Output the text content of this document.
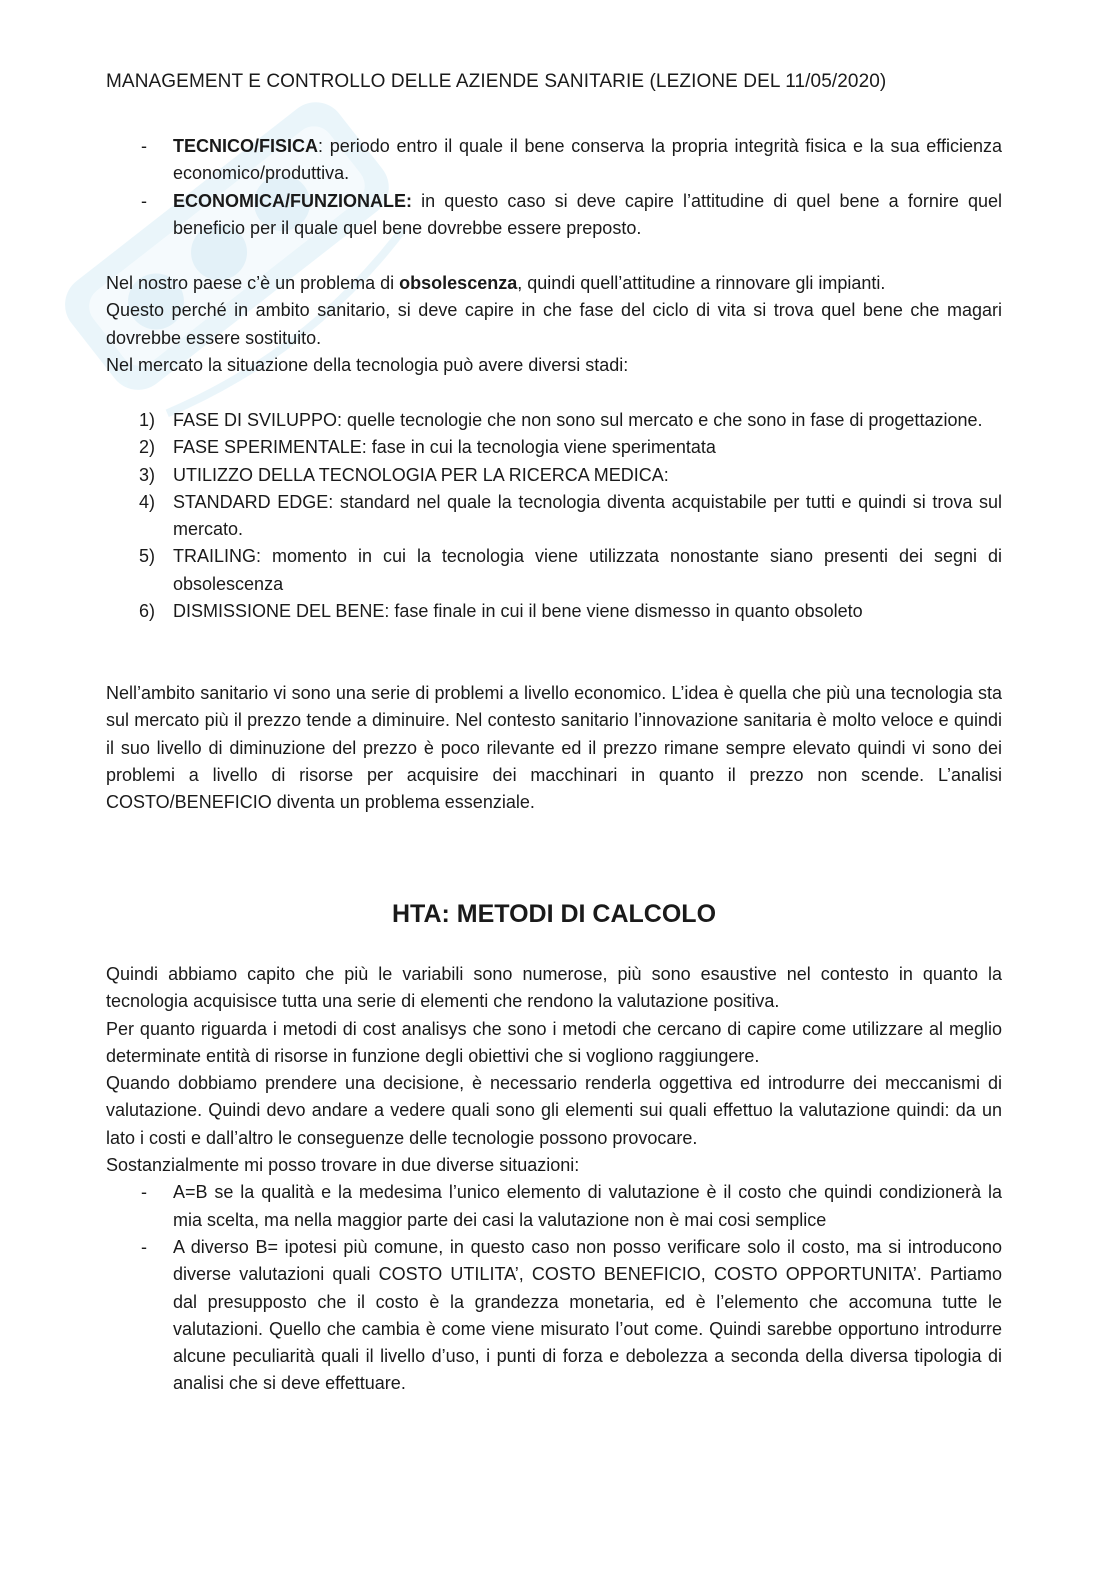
MANAGEMENT E CONTROLLO DELLE AZIENDE SANITARIE (LEZIONE DEL 11/05/2020)
- TECNICO/FISICA: periodo entro il quale il bene conserva la propria integrità fisica e la sua efficienza economico/produttiva.
- ECONOMICA/FUNZIONALE: in questo caso si deve capire l’attitudine di quel bene a fornire quel beneficio per il quale quel bene dovrebbe essere preposto.

Nel nostro paese c’è un problema di obsolescenza, quindi quell’attitudine a rinnovare gli impianti.

Questo perché in ambito sanitario, si deve capire in che fase del ciclo di vita si trova quel bene che magari dovrebbe essere sostituito.

Nel mercato la situazione della tecnologia può avere diversi stadi:

1) FASE DI SVILUPPO: quelle tecnologie che non sono sul mercato e che sono in fase di progettazione.
2) FASE SPERIMENTALE: fase in cui la tecnologia viene sperimentata
3) UTILIZZO DELLA TECNOLOGIA PER LA RICERCA MEDICA:
4) STANDARD EDGE: standard nel quale la tecnologia diventa acquistabile per tutti e quindi si trova sul mercato.
5) TRAILING: momento in cui la tecnologia viene utilizzata nonostante siano presenti dei segni di obsolescenza
6) DISMISSIONE DEL BENE: fase finale in cui il bene viene dismesso in quanto obsoleto

Nell’ambito sanitario vi sono una serie di problemi a livello economico. L’idea è quella che più una tecnologia sta sul mercato più il prezzo tende a diminuire. Nel contesto sanitario l’innovazione sanitaria è molto veloce e quindi il suo livello di diminuzione del prezzo è poco rilevante ed il prezzo rimane sempre elevato quindi vi sono dei problemi a livello di risorse per acquisire dei macchinari in quanto il prezzo non scende. L’analisi COSTO/BENEFICIO diventa un problema essenziale.

HTA: METODI DI CALCOLO

Quindi abbiamo capito che più le variabili sono numerose, più sono esaustive nel contesto in quanto la tecnologia acquisisce tutta una serie di elementi che rendono la valutazione positiva.

Per quanto riguarda i metodi di cost analisys che sono i metodi che cercano di capire come utilizzare al meglio determinate entità di risorse in funzione degli obiettivi che si vogliono raggiungere.

Quando dobbiamo prendere una decisione, è necessario renderla oggettiva ed introdurre dei meccanismi di valutazione. Quindi devo andare a vedere quali sono gli elementi sui quali effettuo la valutazione quindi: da un lato i costi e dall’altro le conseguenze delle tecnologie possono provocare.

Sostanzialmente mi posso trovare in due diverse situazioni:

- A=B se la qualità e la medesima l’unico elemento di valutazione è il costo che quindi condizionerà la mia scelta, ma nella maggior parte dei casi la valutazione non è mai cosi semplice
- A diverso B= ipotesi più comune, in questo caso non posso verificare solo il costo, ma si introducono diverse valutazioni quali COSTO UTILITA’, COSTO BENEFICIO, COSTO OPPORTUNITA’. Partiamo dal presupposto che il costo è la grandezza monetaria, ed è l’elemento che accomuna tutte le valutazioni. Quello che cambia è come viene misurato l’out come. Quindi sarebbe opportuno introdurre alcune peculiarità quali il livello d’uso, i punti di forza e debolezza a seconda della diversa tipologia di analisi che si deve effettuare.
